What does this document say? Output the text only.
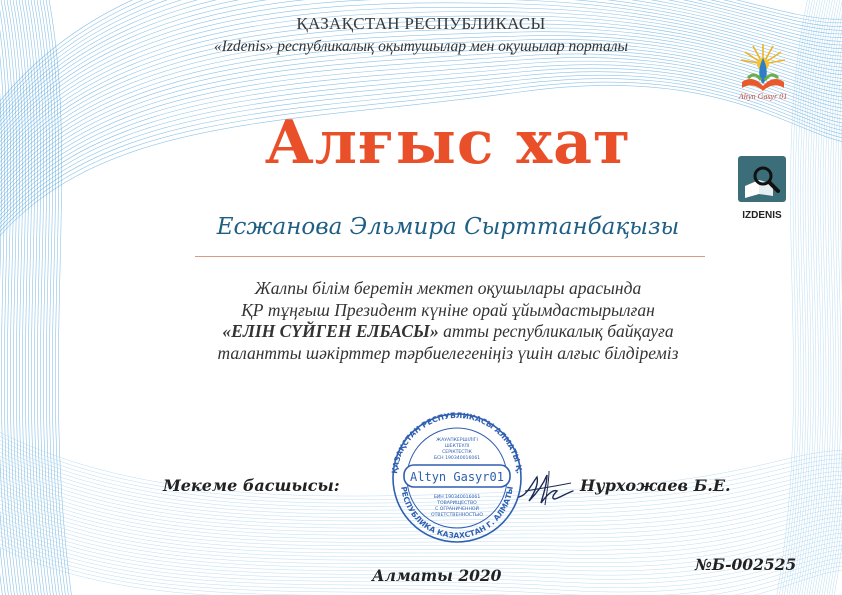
ҚАЗАҚСТАН РЕСПУБЛИКАСЫ
«Izdenis» республикалық оқытушылар мен оқушылар порталы
Altyn Gasyr 01
IZDENIS
Алғыс хат
Есжанова Эльмира Сырттанбақызы
Жалпы білім беретін мектеп оқушылары арасында
ҚР тұңғыш Президент күніне орай ұйымдастырылған
«ЕЛІН СҮЙГЕН ЕЛБАСЫ» атты республикалық байқауға
талантты шәкірттер тәрбиелегеніңіз үшін алғыс білдіреміз
Мекеме басшысы:
ҚАЗАҚСТАН РЕСПУБЛИКАСЫ АЛМАТЫ Қ.
РЕСПУБЛИКА КАЗАХСТАН Г. АЛМАТЫ
ЖАУАПКЕРШІЛІГІ
ШЕКТЕУЛІ
СЕРІКТЕСТІК
БСН 190340016061
БИН 190340016061
ТОВАРИЩЕСТВО
С ОГРАНИЧЕННОЙ
ОТВЕТСТВЕННОСТЬЮ
Altyn Gasyr01	Нурхожаев Б.Е.
№Б-002525
Алматы 2020
